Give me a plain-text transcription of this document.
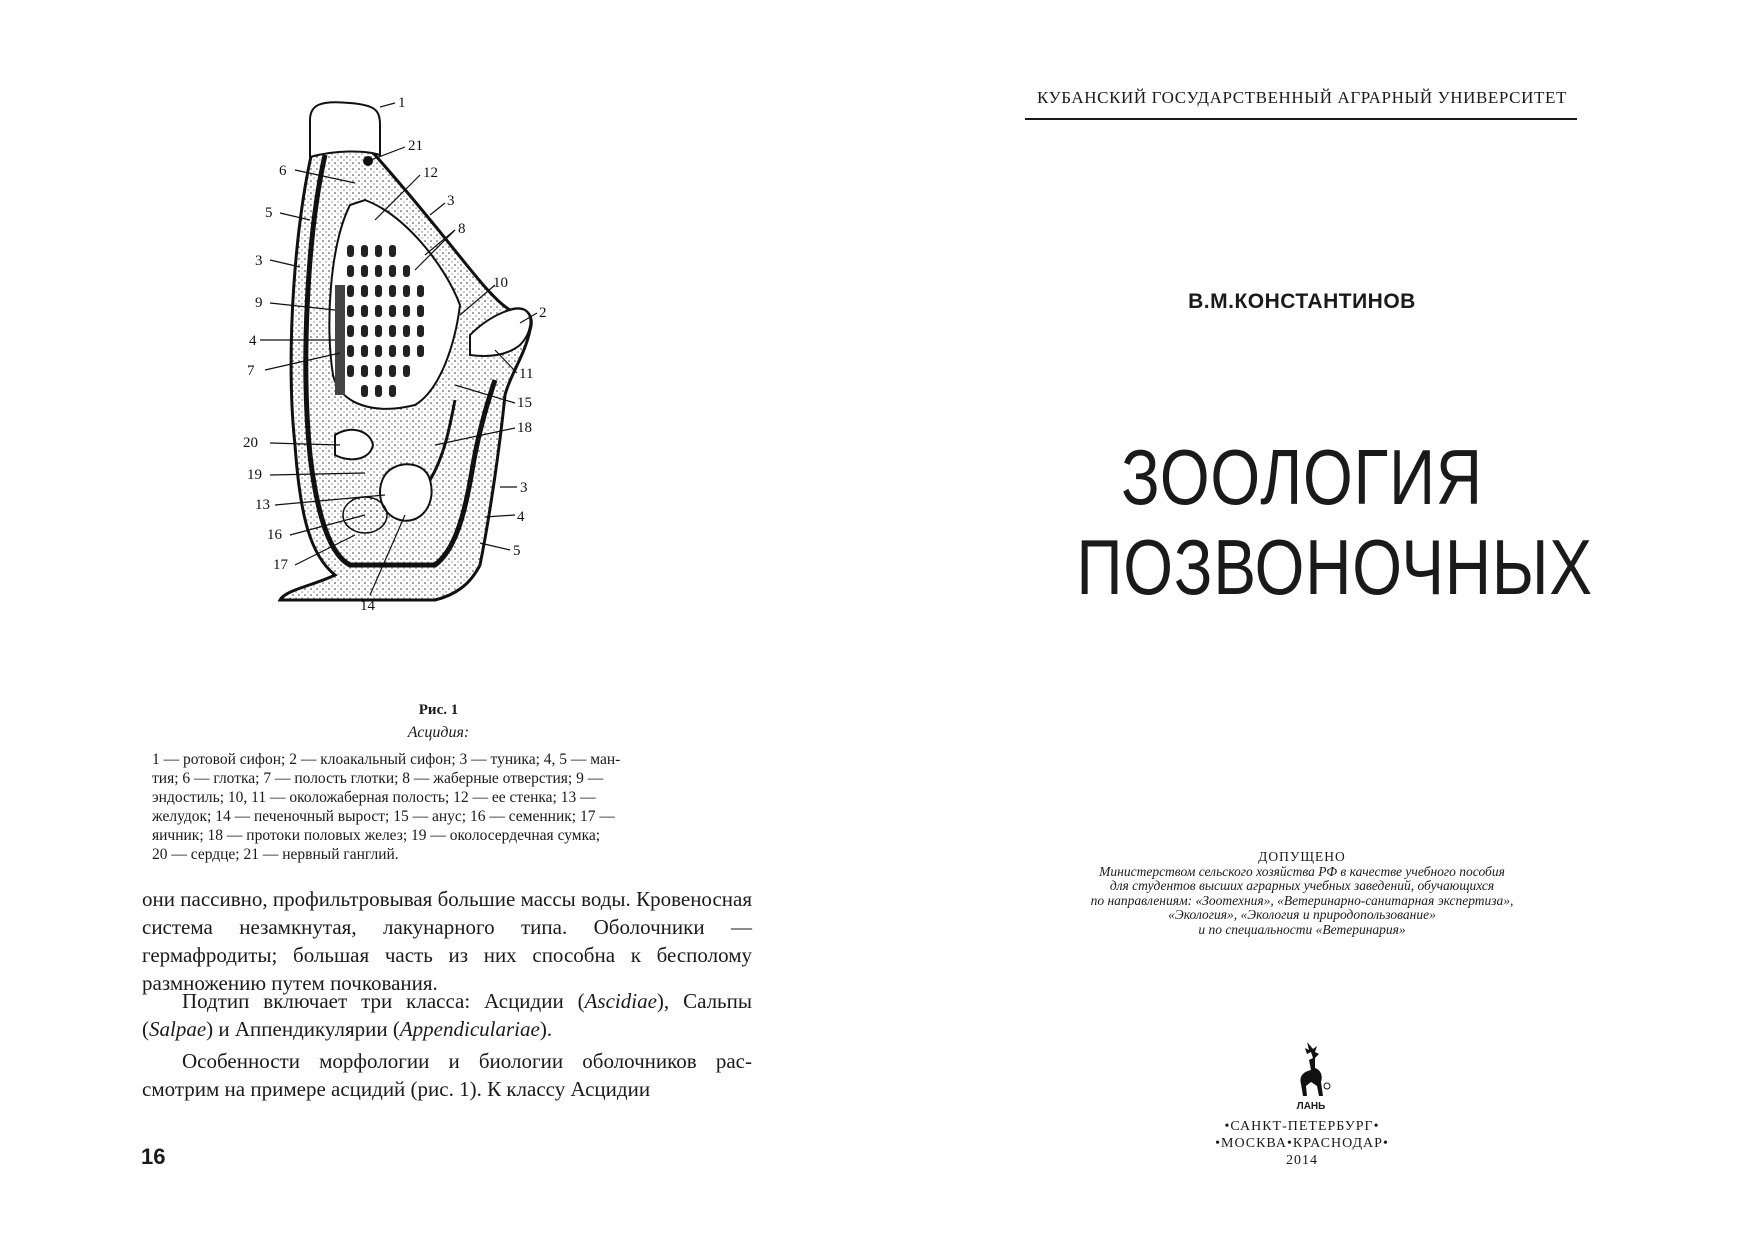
1
21
6	12
3
5
8
3
10
2
9
4
7	11
15
18
20
19
13
16
17
14
3
4
5
Рис. 1
Асцидия:
1 — ротовой сифон; 2 — клоакальный сифон; 3 — туника; 4, 5 — ман-
тия; 6 — глотка; 7 — полость глотки; 8 — жаберные отверстия; 9 —
эндостиль; 10, 11 — околожаберная полость; 12 — ее стенка; 13 —
желудок; 14 — печеночный вырост; 15 — анус; 16 — семенник; 17 —
яичник; 18 — протоки половых желез; 19 — околосердечная сумка;
20 — сердце; 21 — нервный ганглий.
они пассивно, профильтровывая большие массы воды. Кровеносная система незамкнутая, лакунарного типа. Оболочники — гермафродиты; большая часть из них способна к бесполому размножению путем почкования.
Подтип включает три класса: Асцидии (Ascidiae), Сальпы (Salpae) и Аппендикулярии (Appendiculariae).
Особенности морфологии и биологии оболочников рассмотрим на примере асцидий (рис. 1). К классу Асцидии
16
КУБАНСКИЙ ГОСУДАРСТВЕННЫЙ АГРАРНЫЙ УНИВЕРСИТЕТ
В.М.КОНСТАНТИНОВ
ЗООЛОГИЯ
ПОЗВОНОЧНЫХ
ДОПУЩЕНО
Министерством сельского хозяйства РФ в качестве учебного пособия
для студентов высших аграрных учебных заведений, обучающихся
по направлениям: «Зоотехния», «Ветеринарно-санитарная экспертиза»,
«Экология», «Экология и природопользование»
и по специальности «Ветеринария»
ЛАНЬ
•САНКТ-ПЕТЕРБУРГ•
•МОСКВА•КРАСНОДАР•
2014
